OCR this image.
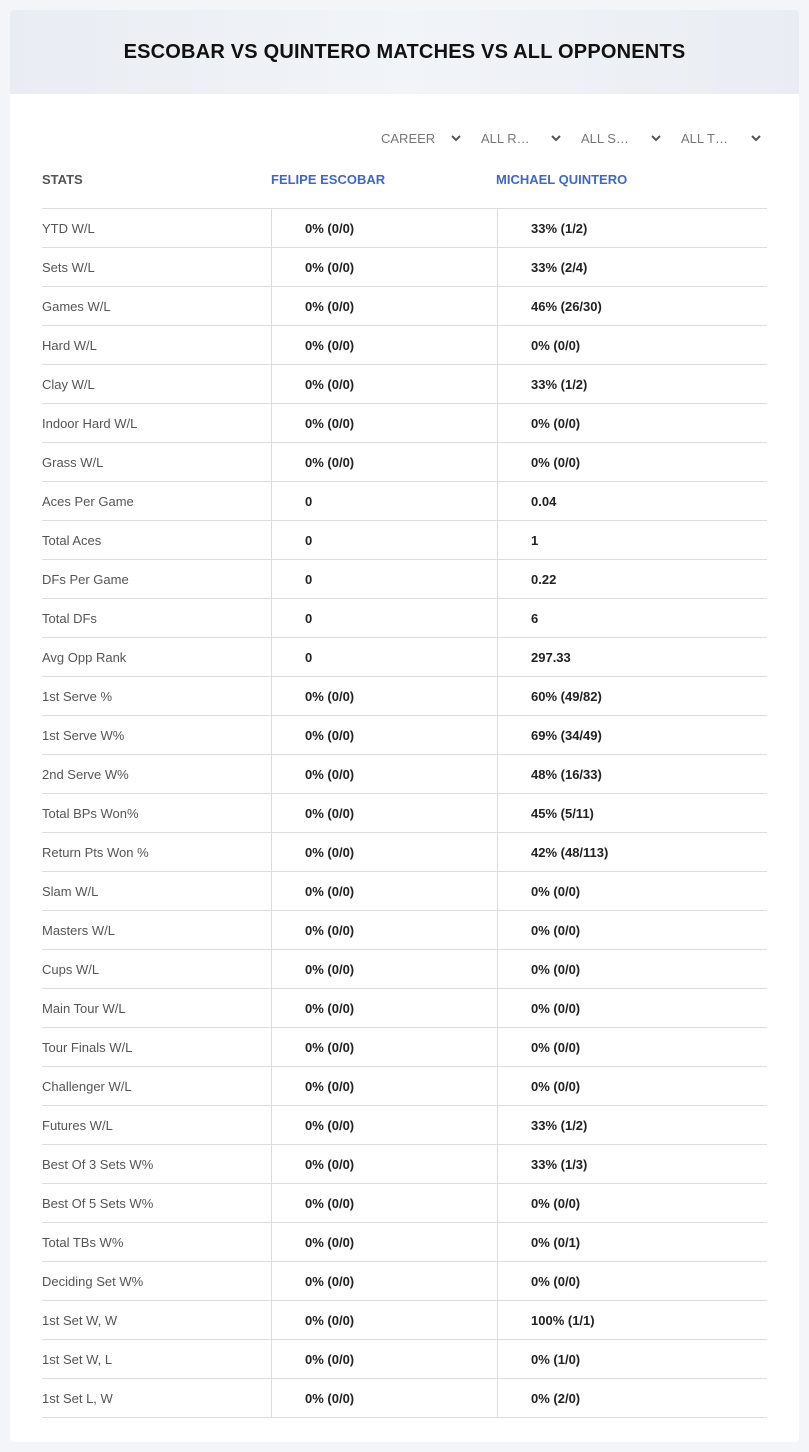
ESCOBAR VS QUINTERO MATCHES VS ALL OPPONENTS
CAREER	ALL R…	ALL S…	ALL T…
STATS	FELIPE ESCOBAR	MICHAEL QUINTERO
YTD W/L	0% (0/0)	33% (1/2)
Sets W/L	0% (0/0)	33% (2/4)
Games W/L	0% (0/0)	46% (26/30)
Hard W/L	0% (0/0)	0% (0/0)
Clay W/L	0% (0/0)	33% (1/2)
Indoor Hard W/L	0% (0/0)	0% (0/0)
Grass W/L	0% (0/0)	0% (0/0)
Aces Per Game	0	0.04
Total Aces	0	1
DFs Per Game	0	0.22
Total DFs	0	6
Avg Opp Rank	0	297.33
1st Serve %	0% (0/0)	60% (49/82)
1st Serve W%	0% (0/0)	69% (34/49)
2nd Serve W%	0% (0/0)	48% (16/33)
Total BPs Won%	0% (0/0)	45% (5/11)
Return Pts Won %	0% (0/0)	42% (48/113)
Slam W/L	0% (0/0)	0% (0/0)
Masters W/L	0% (0/0)	0% (0/0)
Cups W/L	0% (0/0)	0% (0/0)
Main Tour W/L	0% (0/0)	0% (0/0)
Tour Finals W/L	0% (0/0)	0% (0/0)
Challenger W/L	0% (0/0)	0% (0/0)
Futures W/L	0% (0/0)	33% (1/2)
Best Of 3 Sets W%	0% (0/0)	33% (1/3)
Best Of 5 Sets W%	0% (0/0)	0% (0/0)
Total TBs W%	0% (0/0)	0% (0/1)
Deciding Set W%	0% (0/0)	0% (0/0)
1st Set W, W	0% (0/0)	100% (1/1)
1st Set W, L	0% (0/0)	0% (1/0)
1st Set L, W	0% (0/0)	0% (2/0)
